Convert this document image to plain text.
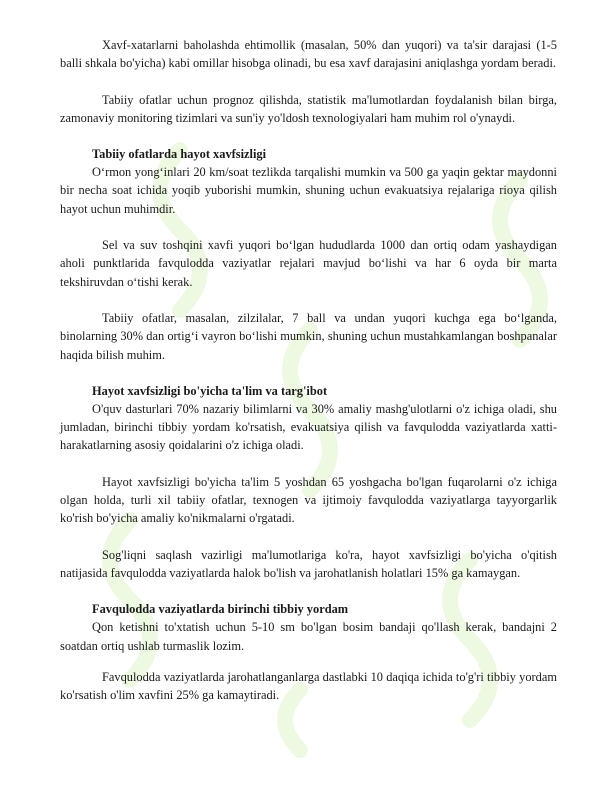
Xavf-xatarlarni baholashda ehtimollik (masalan, 50% dan yuqori) va ta'sir darajasi (1-5 balli shkala bo'yicha) kabi omillar hisobga olinadi, bu esa xavf darajasini aniqlashga yordam beradi.

Tabiiy ofatlar uchun prognoz qilishda, statistik ma'lumotlardan foydalanish bilan birga, zamonaviy monitoring tizimlari va sun'iy yo'ldosh texnologiyalari ham muhim rol o'ynaydi.

Tabiiy ofatlarda hayot xavfsizligi

O‘rmon yong‘inlari 20 km/soat tezlikda tarqalishi mumkin va 500 ga yaqin gektar maydonni bir necha soat ichida yoqib yuborishi mumkin, shuning uchun evakuatsiya rejalariga rioya qilish hayot uchun muhimdir.

Sel va suv toshqini xavfi yuqori bo‘lgan hududlarda 1000 dan ortiq odam yashaydigan aholi punktlarida favqulodda vaziyatlar rejalari mavjud bo‘lishi va har 6 oyda bir marta tekshiruvdan o‘tishi kerak.

Tabiiy ofatlar, masalan, zilzilalar, 7 ball va undan yuqori kuchga ega bo‘lganda, binolarning 30% dan ortig‘i vayron bo‘lishi mumkin, shuning uchun mustahkamlangan boshpanalar haqida bilish muhim.

Hayot xavfsizligi bo'yicha ta'lim va targ'ibot

O'quv dasturlari 70% nazariy bilimlarni va 30% amaliy mashg'ulotlarni o'z ichiga oladi, shu jumladan, birinchi tibbiy yordam ko'rsatish, evakuatsiya qilish va favqulodda vaziyatlarda xatti-harakatlarning asosiy qoidalarini o'z ichiga oladi.

Hayot xavfsizligi bo'yicha ta'lim 5 yoshdan 65 yoshgacha bo'lgan fuqarolarni o'z ichiga olgan holda, turli xil tabiiy ofatlar, texnogen va ijtimoiy favqulodda vaziyatlarga tayyorgarlik ko'rish bo'yicha amaliy ko'nikmalarni o'rgatadi.

Sog'liqni saqlash vazirligi ma'lumotlariga ko'ra, hayot xavfsizligi bo'yicha o'qitish natijasida favqulodda vaziyatlarda halok bo'lish va jarohatlanish holatlari 15% ga kamaygan.

Favqulodda vaziyatlarda birinchi tibbiy yordam

Qon ketishni to'xtatish uchun 5-10 sm bo'lgan bosim bandaji qo'llash kerak, bandajni 2 soatdan ortiq ushlab turmaslik lozim.

Favqulodda vaziyatlarda jarohatlanganlarga dastlabki 10 daqiqa ichida to'g'ri tibbiy yordam ko'rsatish o'lim xavfini 25% ga kamaytiradi.
